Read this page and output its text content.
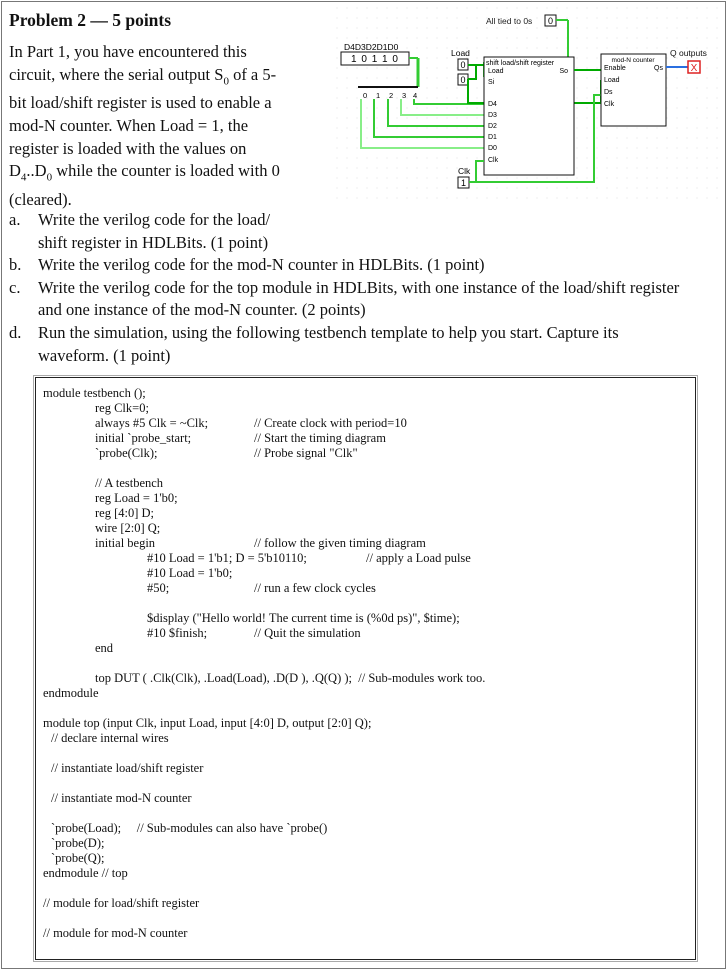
Problem 2 — 5 points
In Part 1, you have encountered this
circuit, where the serial output $S_0$ of a 5-
bit load/shift register is used to enable a
mod-N counter. When Load = 1, the
register is loaded with the values on
$D_4..D_0$ while the counter is loaded with 0
(cleared).
All tied to 0s 0
D4D3D2D1D0
1 0 1 1 0
0 1 2 3 4
Load
0
0
shift load/shift register
Load
Si
D4
D3
D2
D1
D0
Clk
So
Clk
1
mod-N counter
Enable
Load
Ds
Clk
Qs
Q outputs
X
a.	Write the verilog code for the load/ shift register in HDLBits. (1 point)
b.	Write the verilog code for the mod-N counter in HDLBits. (1 point)
c.	Write the verilog code for the top module in HDLBits, with one instance of the load/shift register and one instance of the mod-N counter. (2 points)
d.	Run the simulation, using the following testbench template to help you start. Capture its waveform. (1 point)
module testbench ();
reg Clk=0;
always #5 Clk = ~Clk;	// Create clock with period=10
initial `probe_start;	// Start the timing diagram
`probe(Clk);	// Probe signal "Clk"
// A testbench
reg Load = 1'b0;
reg [4:0] D;
wire [2:0] Q;
initial begin	// follow the given timing diagram
#10 Load = 1'b1; D = 5'b10110;	// apply a Load pulse
#10 Load = 1'b0;
#50;	// run a few clock cycles
$display ("Hello world! The current time is (%0d ps)", $time);
#10 $finish;	// Quit the simulation
end
top DUT ( .Clk(Clk), .Load(Load), .D(D ), .Q(Q) );  // Sub-modules work too.
endmodule
module top (input Clk, input Load, input [4:0] D, output [2:0] Q);
// declare internal wires
// instantiate load/shift register
// instantiate mod-N counter
`probe(Load);     // Sub-modules can also have `probe()
`probe(D);
`probe(Q);
endmodule // top
// module for load/shift register
// module for mod-N counter
